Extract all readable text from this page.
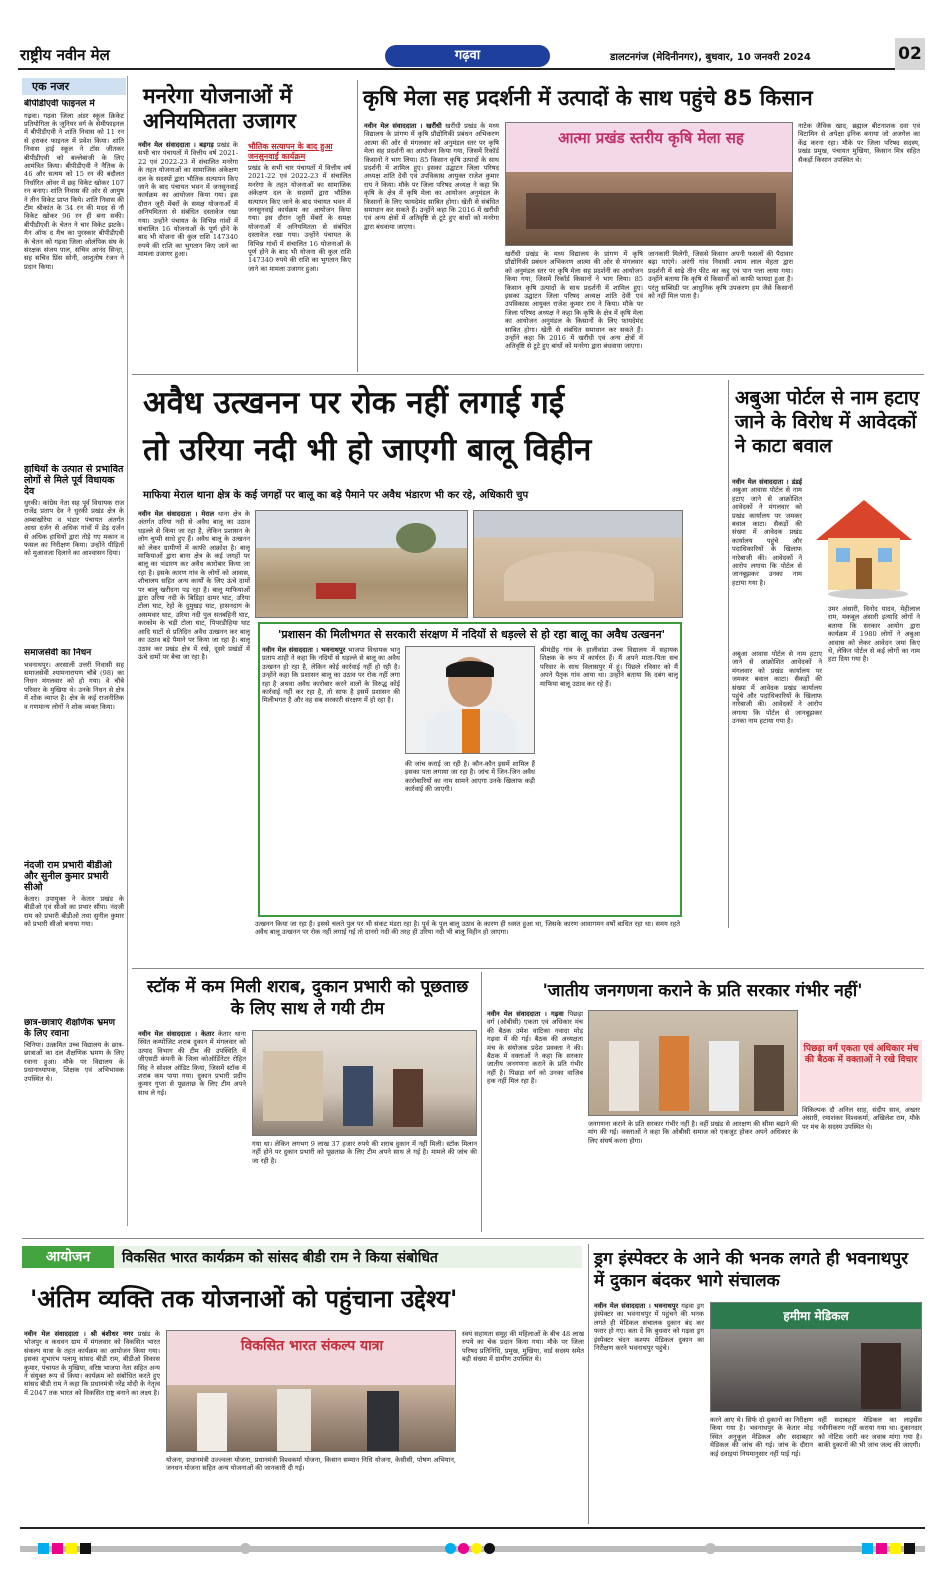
राष्ट्रीय नवीन मेल	गढ़वा	डालटनगंज (मेदिनीनगर), बुधवार, 10 जनवरी 2024	02
एक नजर
बीपीडीएवी फाइनल में
गढ़वा। गढ़वा जिला अंडर स्कूल क्रिकेट प्रतियोगिता के जूनियर वर्ग के सेमीफाइनल में बीपीडीएवी ने शांति निवास को 11 रन से हराकर फाइनल में प्रवेश किया। शांति निवास हाई स्कूल ने टॉस जीतकर बीपीडीएवी को बल्लेबाजी के लिए आमंत्रित किया। बीपीडीएवी ने नैतिक के 46 और सत्यम को 15 रन की बदौलत निर्धारित ओवर में छह विकेट खोकर 107 रन बनाए। शांति निवास की ओर से आयुष ने तीन विकेट प्राप्त किये। शांति निवास की टीम श्रीकांत के 34 रन की मदद से नौ विकेट खोकर 96 रन ही बना सकी। बीपीडीएवी के चेतन ने चार विकेट झटके। मैन ऑफ द मैच का पुरस्कार बीपीडीएवी के चेतन को गढ़वा जिला ओलंपिक संघ के संरक्षक संजय पाल, सचिव आनंद सिन्हा, सह सचिव प्रिंस सोनी, आशुतोष रंजन ने प्रदान किया।
हाथियों के उत्पात से प्रभावित लोगों से मिले पूर्व विधायक देव
धुरकी। कांग्रेस नेता सह पूर्व विधायक राज राजेंद्र प्रताप देव ने धुरकी प्रखंड क्षेत्र के अम्बाखोरेया व भंडार पंचायत अंतर्गत आधा दर्जन से अधिक गांवों में डेढ़ दर्जन से अधिक हाथियों द्वारा तोड़े गए मकान व फसल का निरीक्षण किया। उन्होंने पीड़ितों को मुआवजा दिलाने का आश्वासन दिया।
समाजसेवी का निधन
भवनाथपुर। अरसाली उत्तरी निवासी सह समाजसेवी श्यामनारायण चौबे (98) का निधन मंगलवार को हो गया। वे चौबे परिवार के मुखिया थे। उनके निधन से क्षेत्र में शोक व्याप्त है। क्षेत्र के कई राजनीतिक व गणमान्य लोगों ने शोक व्यक्त किया।
नंदजी राम प्रभारी बीडीओ और सुनील कुमार प्रभारी सीओ
केतार। उपायुक्त ने केतार प्रखंड के बीडीओ एवं सीओ का प्रभार सौंपा। नंदजी राम को प्रभारी बीडीओ तथा सुनील कुमार को प्रभारी सीओ बनाया गया।
छात्र-छात्राएं शैक्षणिक भ्रमण के लिए रवाना
चिनिया। उत्क्रमित उच्च विद्यालय के छात्र-छात्राओं का दल शैक्षणिक भ्रमण के लिए रवाना हुआ। मौके पर विद्यालय के प्रधानाध्यापक, शिक्षक एवं अभिभावक उपस्थित थे।
मनरेगा योजनाओं में अनियमितता उजागर
नवीन मेल संवाददाता । बड़गड़ प्रखंड के सभी चार पंचायतों में वित्तीय वर्ष 2021-22 एवं 2022-23 में संचालित मनरेगा के तहत योजनाओं का सामाजिक अंकेक्षण दल के सदस्यों द्वारा भौतिक सत्यापन किए जाने के बाद पंचायत भवन में जनसुनवाई कार्यक्रम का आयोजन किया गया। इस दौरान जूरी मेंबरों के समक्ष योजनाओं में अनियमितता से संबंधित दस्तावेज रखा गया। उन्होंने पंचायत के विभिन्न गांवों में संचालित 16 योजनाओं के पूर्ण होने के बाद भी योजना की कुल राशि 147340 रुपये की राशि का भुगतान किए जाने का मामला उजागर हुआ।
भौतिक सत्यापन के बाद हुआ जनसुनवाई कार्यक्रम
प्रखंड के सभी चार पंचायतों में वित्तीय वर्ष 2021-22 एवं 2022-23 में संचालित मनरेगा के तहत योजनाओं का सामाजिक अंकेक्षण दल के सदस्यों द्वारा भौतिक सत्यापन किए जाने के बाद पंचायत भवन में जनसुनवाई कार्यक्रम का आयोजन किया गया। इस दौरान जूरी मेंबरों के समक्ष योजनाओं में अनियमितता से संबंधित दस्तावेज रखा गया। उन्होंने पंचायत के विभिन्न गांवों में संचालित 16 योजनाओं के पूर्ण होने के बाद भी योजना की कुल राशि 147340 रुपये की राशि का भुगतान किए जाने का मामला उजागर हुआ।
कृषि मेला सह प्रदर्शनी में उत्पादों के साथ पहुंचे 85 किसान
नवीन मेल संवाददाता । खरौंधी खरौंधी प्रखंड के मध्य विद्यालय के प्रांगण में कृषि प्रौद्योगिकी प्रबंधन अभिकरण आत्मा की ओर से मंगलवार को अनुमंडल स्तर पर कृषि मेला सह प्रदर्शनी का आयोजन किया गया, जिसमें रिकॉर्ड किसानों ने भाग लिया। 85 किसान कृषि उत्पादों के साथ प्रदर्शनी में शामिल हुए। इसका उद्घाटन जिला परिषद अध्यक्ष शांति देवी एवं उपविकास आयुक्त राजेश कुमार राय ने किया। मौके पर जिला परिषद अध्यक्ष ने कहा कि कृषि के क्षेत्र में कृषि मेला का आयोजन अनुमंडल के किसानों के लिए फायदेमंद साबित होगा। खेती से संबंधित समाधान कर सकते हैं। उन्होंने कहा कि 2016 में खरौंधी एवं अन्य क्षेत्रों में अतिवृष्टि से टूटे हुए बांधों को मनरेगा द्वारा बंधवाया जाएगा।
आत्मा प्रखंड स्तरीय कृषि मेला सह
खरौंधी प्रखंड के मध्य विद्यालय के प्रांगण में कृषि प्रौद्योगिकी प्रबंधन अभिकरण आत्मा की ओर से मंगलवार को अनुमंडल स्तर पर कृषि मेला सह प्रदर्शनी का आयोजन किया गया, जिसमें रिकॉर्ड किसानों ने भाग लिया। 85 किसान कृषि उत्पादों के साथ प्रदर्शनी में शामिल हुए। इसका उद्घाटन जिला परिषद अध्यक्ष शांति देवी एवं उपविकास आयुक्त राजेश कुमार राय ने किया। मौके पर जिला परिषद अध्यक्ष ने कहा कि कृषि के क्षेत्र में कृषि मेला का आयोजन अनुमंडल के किसानों के लिए फायदेमंद साबित होगा। खेती से संबंधित समाधान कर सकते हैं। उन्होंने कहा कि 2016 में खरौंधी एवं अन्य क्षेत्रों में अतिवृष्टि से टूटे हुए बांधों को मनरेगा द्वारा बंधवाया जाएगा।
जानकारी मिलेगी, जिससे किसान अपनी फसलों की पैदावार बढ़ा पाएंगे। अरंगी गांव निवासी श्याम लाल मेहता द्वारा प्रदर्शनी में साढ़े तीन फीट का कद्दू एवं पान पत्ता लाया गया। उन्होंने बताया कि कृषि से किसानों को काफी फायदा हुआ है। परंतु सब्सिडी पर आधुनिक कृषि उपकरण हम जैसे किसानों को नहीं मिल पाता है।
नाटेक जैविक खाद, ब्रह्माल बीटनाशक दवा एवं विटामिन से अपेक्षा इनिक बनाया जो अजगेल का केंद्र करना रहा। मौके पर जिला परिषद सदस्य, प्रखंड प्रमुख, पंचायत मुखिया, किसान मित्र सहित सैकड़ों किसान उपस्थित थे।
अवैध उत्खनन पर रोक नहीं लगाई गई
तो उरिया नदी भी हो जाएगी बालू विहीन
माफिया मेराल थाना क्षेत्र के कई जगहों पर बालू का बड़े पैमाने पर अवैध भंडारण भी कर रहे, अधिकारी चुप
नवीन मेल संवाददाता । मेराल थाना क्षेत्र के अंतर्गत उरिया नदी से अवैध बालू का उठाव धड़ल्ले से किया जा रहा है, लेकिन प्रशासन के लोग चुप्पी साधे हुए हैं। अवैध बालू के उत्खनन को लेकर ग्रामीणों में काफी आक्रोश है। बालू माफियाओं द्वारा बाना क्षेत्र के कई जगहों पर बालू का भंडारण कर अवैध कारोबार किया जा रहा है। इसके कारण गांव के लोगों को आवास, शौचालय सहित अन्य कार्यों के लिए ऊंचे दामों पर बालू खरीदना पड़ रहा है। बालू माफियाओं द्वारा उरिया नदी के बिडिहा दामर घाट, उरिया टोला घाट, रेहो के दुमुखड़ घाट, हासनदाग के असमवार घाट, उरिया नदी पुल सतबहिनी घाट, करकोम के चड़ी टोला घाट, पिपरडीहिया घाट आदि घाटों से प्रतिदिन अवैध उत्खनन कर बालू का उठाव बड़े पैमाने पर किया जा रहा है। बालू उठाव कर प्रखंड क्षेत्र में रखे, दूसरे प्रखंडों में ऊंचे दामों पर बेचा जा रहा है।
'प्रशासन की मिलीभगत से सरकारी संरक्षण में नदियों से धड़ल्ले से हो रहा बालू का अवैध उत्खनन'
नवीन मेल संवाददाता । भवनाथपुर भाजपा विधायक भानु प्रताप शाही ने कहा कि नदियों से धड़ल्ले से बालू का अवैध उत्खनन हो रहा है, लेकिन कोई कार्रवाई नहीं हो रही है। उन्होंने कहा कि प्रशासन बालू का उठाव पर रोक नहीं लगा रहा है अथवा अवैध कारोबार करने वालों के विरुद्ध कोई कार्रवाई नहीं कर रहा है, तो साफ है इसमें प्रशासन की मिलीभगत है और वह सब सरकारी संरक्षण में हो रहा है।
की जांच कराई जा रही है। कौन-कौन इसमें शामिल हैं इसका पता लगाया जा रहा है। जांच में जिन-जिन अवैध कारोबारियों का नाम सामने आएगा उनके खिलाफ कड़ी कार्रवाई की जाएगी।
श्रीमंडीह गांव के हालीवांडा उच्च विद्यालय में सहायक शिक्षक के रूप में कार्यरत हैं। मैं अपने माता-पिता सच परिवार के साथ विलासपुर में हूं। पिछले रविवार को मैं अपने पैतृक गांव आया था। उन्होंने बताया कि दबंग बालू माफिया बालू उठाव कर रहे हैं।
उत्खनन किया जा रहा है। इससे चलते पुल पर भी संकट मंडरा रहा है। पुर्व के पुल बालू उठाव के कारण ही ध्वस्त हुआ था, जिसके कारण आवागमन वर्षों बाधित रहा था। समय रहते अवैध बालू उत्खनन पर रोक नहीं लगाई गई तो दानरो नदी की तरह ही उरिया नदी भी बालू विहीन हो जाएगा।
अबुआ पोर्टल से नाम हटाए जाने के विरोध में आवेदकों ने काटा बवाल
नवीन मेल संवाददाता । डंडई अबुआ आवास पोर्टल से नाम हटाए जाने से आक्रोशित आवेदकों ने मंगलवार को प्रखंड कार्यालय पर जमकर बवाल काटा। सैकड़ों की संख्या में आवेदक प्रखंड कार्यालय पहुंचे और पदाधिकारियों के खिलाफ नारेबाजी की। आवेदकों ने आरोप लगाया कि पोर्टल से जानबूझकर उनका नाम हटाया गया है।
अबुआ आवास पोर्टल से नाम हटाए जाने से आक्रोशित आवेदकों ने मंगलवार को प्रखंड कार्यालय पर जमकर बवाल काटा। सैकड़ों की संख्या में आवेदक प्रखंड कार्यालय पहुंचे और पदाधिकारियों के खिलाफ नारेबाजी की। आवेदकों ने आरोप लगाया कि पोर्टल से जानबूझकर उनका नाम हटाया गया है।
उमर अंसारी, विनोद यादव, मेहीलाल राम, मकबूल अंसारी इत्यादि लोगों ने बताया कि सरकार आयोग द्वारा कार्यक्रम में 1980 लोगों ने अबुआ आवास को लेकर आवेदन जमा किए थे, लेकिन पोर्टल से कई लोगों का नाम हटा दिया गया है।
स्टॉक में कम मिली शराब, दुकान प्रभारी को पूछताछ के लिए साथ ले गयी टीम
नवीन मेल संवाददाता । केतार केतार थाना स्थित कम्पोजिट शराब दुकान में मंगलवार को उत्पाद विभाग की टीम की उपस्थिति में जीएसटी कंपनी के जिला कोऑर्डिनेटर रोहित सिंह ने सोशल ऑडिट किया, जिसमें स्टॉक में शराब कम पाया गया। दुकान प्रभारी प्रदीप कुमार गुप्ता से पूछताछ के लिए टीम अपने साथ ले गई।
गया था। लेकिन लगभग 9 लाख 37 हजार रुपये की शराब दुकान में नहीं मिली। स्टॉक मिलान नहीं होने पर दुकान प्रभारी को पूछताछ के लिए टीम अपने साथ ले गई है। मामले की जांच की जा रही है।
'जातीय जनगणना कराने के प्रति सरकार गंभीर नहीं'
नवीन मेल संवाददाता । गढ़वा पिछड़ा वर्ग (ओबीसी) एकता एवं अधिकार मंच की बैठक उमेश वाटिका नवादा मोड़ गढ़वा में की गई। बैठक की अध्यक्षता मंच के संयोजक प्रदेश प्रवक्ता ने की। बैठक में वक्ताओं ने कहा कि सरकार जातीय जनगणना कराने के प्रति गंभीर नहीं है। पिछड़ा वर्ग को उनका वाजिब हक नहीं मिल रहा है।
पिछड़ा वर्ग एकता एवं अधिकार मंच की बैठक में वक्ताओं ने रखे विचार
जनगणना कराने के प्रति सरकार गंभीर नहीं है। वहीं प्रखंड से आरक्षण की सीमा बढ़ाने की मांग की गई। वक्ताओं ने कहा कि ओबीसी समाज को एकजुट होकर अपने अधिकार के लिए संघर्ष करना होगा।
विकिल्पक दौ अनिल साह, संदीप साव, अख्तर अंसारी, रमाशंकर विश्वकर्मा, अखिलेश राम, मौके पर मंच के सदस्य उपस्थित थे।
आयोजन	विकसित भारत कार्यक्रम को सांसद बीडी राम ने किया संबोधित
'अंतिम व्यक्ति तक योजनाओं को पहुंचाना उद्देश्य'
नवीन मेल संवाददाता । श्री बंशीधर नगर प्रखंड के भोजपुर व कधवन ग्राम में मंगलवार को विकसित भारत संकल्प यात्रा के तहत कार्यक्रम का आयोजन किया गया। इसका शुभारंभ पलामू सांसद बीडी राम, बीडीओ विकास कुमार, पंचायत के मुखिया, वरिष्ठ भाजपा नेता सहित अन्य ने संयुक्त रूप से किया। कार्यक्रम को संबोधित करते हुए सांसद बीडी राम ने कहा कि प्रधानमंत्री नरेंद्र मोदी के नेतृत्व में 2047 तक भारत को विकसित राष्ट्र बनाने का लक्ष्य है।
विकसित भारत संकल्प यात्रा
योजना, प्रधानमंत्री उज्ज्वला योजना, प्रधानमंत्री विश्वकर्मा योजना, किसान सम्मान निधि योजना, केसीसी, पोषण अभियान, जनधन योजना सहित अन्य योजनाओं की जानकारी दी गई।
स्वयं सहायता समूह की महिलाओं के बीच 48 लाख रुपये का चेक प्रदान किया गया। मौके पर जिला परिषद प्रतिनिधि, प्रमुख, मुखिया, वार्ड सदस्य समेत बड़ी संख्या में ग्रामीण उपस्थित थे।
ड्रग इंस्पेक्टर के आने की भनक लगते ही भवनाथपुर में दुकान बंदकर भागे संचालक
नवीन मेल संवाददाता । भवनाथपुर गढ़वा ड्रग इंस्पेक्टर का भवनाथपुर में पहुंचने की भनक लगते ही मेडिकल संचालक दुकान बंद कर फरार हो गए। बता दें कि बुधवार को गढ़वा ड्रग इंस्पेक्टर चंदन कश्यप मेडिकल दुकान का निरीक्षण करने भवनाथपुर पहुंचे।
हमीमा मेडिकल
करने आए थे। सिर्फ दो दुकानों का निरीक्षण किया गया है। भवनाथपुर के केतार मोड़ स्थित अनुकूल मेडिकल और सदाबहार मेडिकल की जांच की गई। जांच के दौरान कई दवाइयां नियमानुसार नहीं पाई गई।
वहीं सदाबहार मेडिकल का लाइसेंस नवीनीकरण नहीं कराया गया था। दुकानदार को नोटिस जारी कर जवाब मांगा गया है। बाकी दुकानों की भी जांच जल्द की जाएगी।
